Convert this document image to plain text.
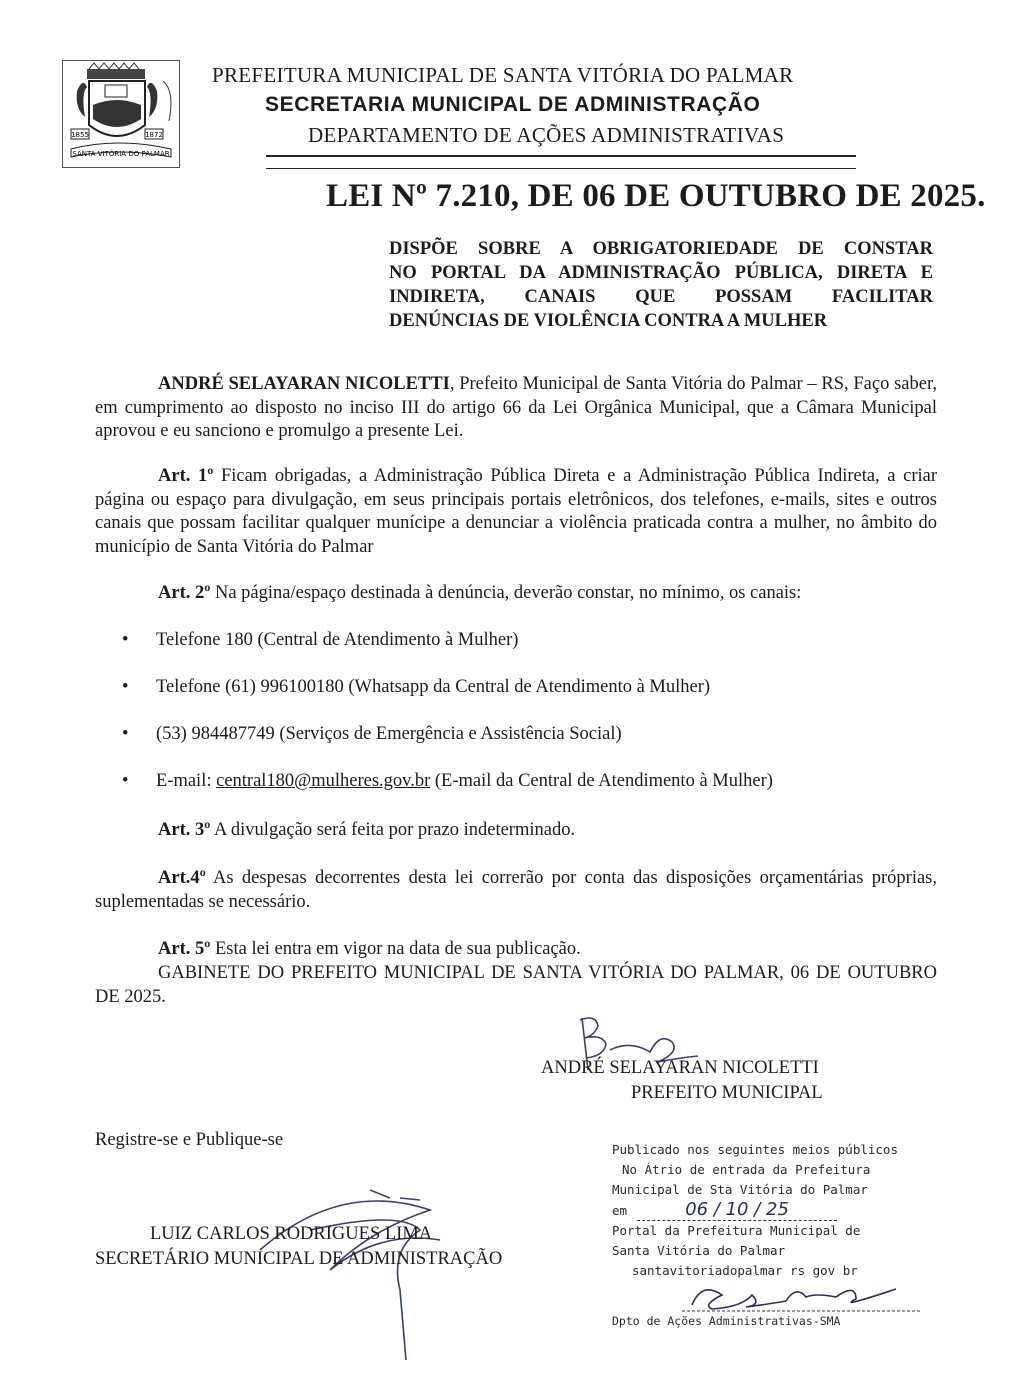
1855	1872
SANTA VITÓRIA DO PALMAR
PREFEITURA MUNICIPAL DE SANTA VITÓRIA DO PALMAR
SECRETARIA MUNICIPAL DE ADMINISTRAÇÃO
DEPARTAMENTO DE AÇÕES ADMINISTRATIVAS
LEI Nº 7.210, DE 06 DE OUTUBRO DE 2025.
DISPÕE SOBRE A OBRIGATORIEDADE DE CONSTAR
NO PORTAL DA ADMINISTRAÇÃO PÚBLICA, DIRETA E
INDIRETA, CANAIS QUE POSSAM FACILITAR
DENÚNCIAS DE VIOLÊNCIA CONTRA A MULHER
ANDRÉ SELAYARAN NICOLETTI, Prefeito Municipal de Santa Vitória do Palmar – RS, Faço saber, em cumprimento ao disposto no inciso III do artigo 66 da Lei Orgânica Municipal, que a Câmara Municipal aprovou e eu sanciono e promulgo a presente Lei.
Art. 1º Ficam obrigadas, a Administração Pública Direta e a Administração Pública Indireta, a criar página ou espaço para divulgação, em seus principais portais eletrônicos, dos telefones, e-mails, sites e outros canais que possam facilitar qualquer munícipe a denunciar a violência praticada contra a mulher, no âmbito do município de Santa Vitória do Palmar
Art. 2º Na página/espaço destinada à denúncia, deverão constar, no mínimo, os canais:
• Telefone 180 (Central de Atendimento à Mulher)
• Telefone (61) 996100180 (Whatsapp da Central de Atendimento à Mulher)
• (53) 984487749 (Serviços de Emergência e Assistência Social)
• E-mail: central180@mulheres.gov.br (E-mail da Central de Atendimento à Mulher)
Art. 3º A divulgação será feita por prazo indeterminado.
Art.4º As despesas decorrentes desta lei correrão por conta das disposições orçamentárias próprias, suplementadas se necessário.
Art. 5º Esta lei entra em vigor na data de sua publicação.
GABINETE DO PREFEITO MUNICIPAL DE SANTA VITÓRIA DO PALMAR, 06 DE OUTUBRO DE 2025.
ANDRÉ SELAYARAN NICOLETTI
PREFEITO MUNICIPAL
Registre-se e Publique-se
LUIZ CARLOS RODRIGUES LIMA
SECRETÁRIO MUNICIPAL DE ADMINISTRAÇÃO
Publicado nos seguintes meios públicos
No Átrio de entrada da Prefeitura
Municipal de Sta Vitória do Palmar
em	06 / 10 / 25
Portal da Prefeitura Municipal de
Santa Vitória do Palmar
santavitoriadopalmar rs gov br
Dpto de Ações Administrativas-SMA
